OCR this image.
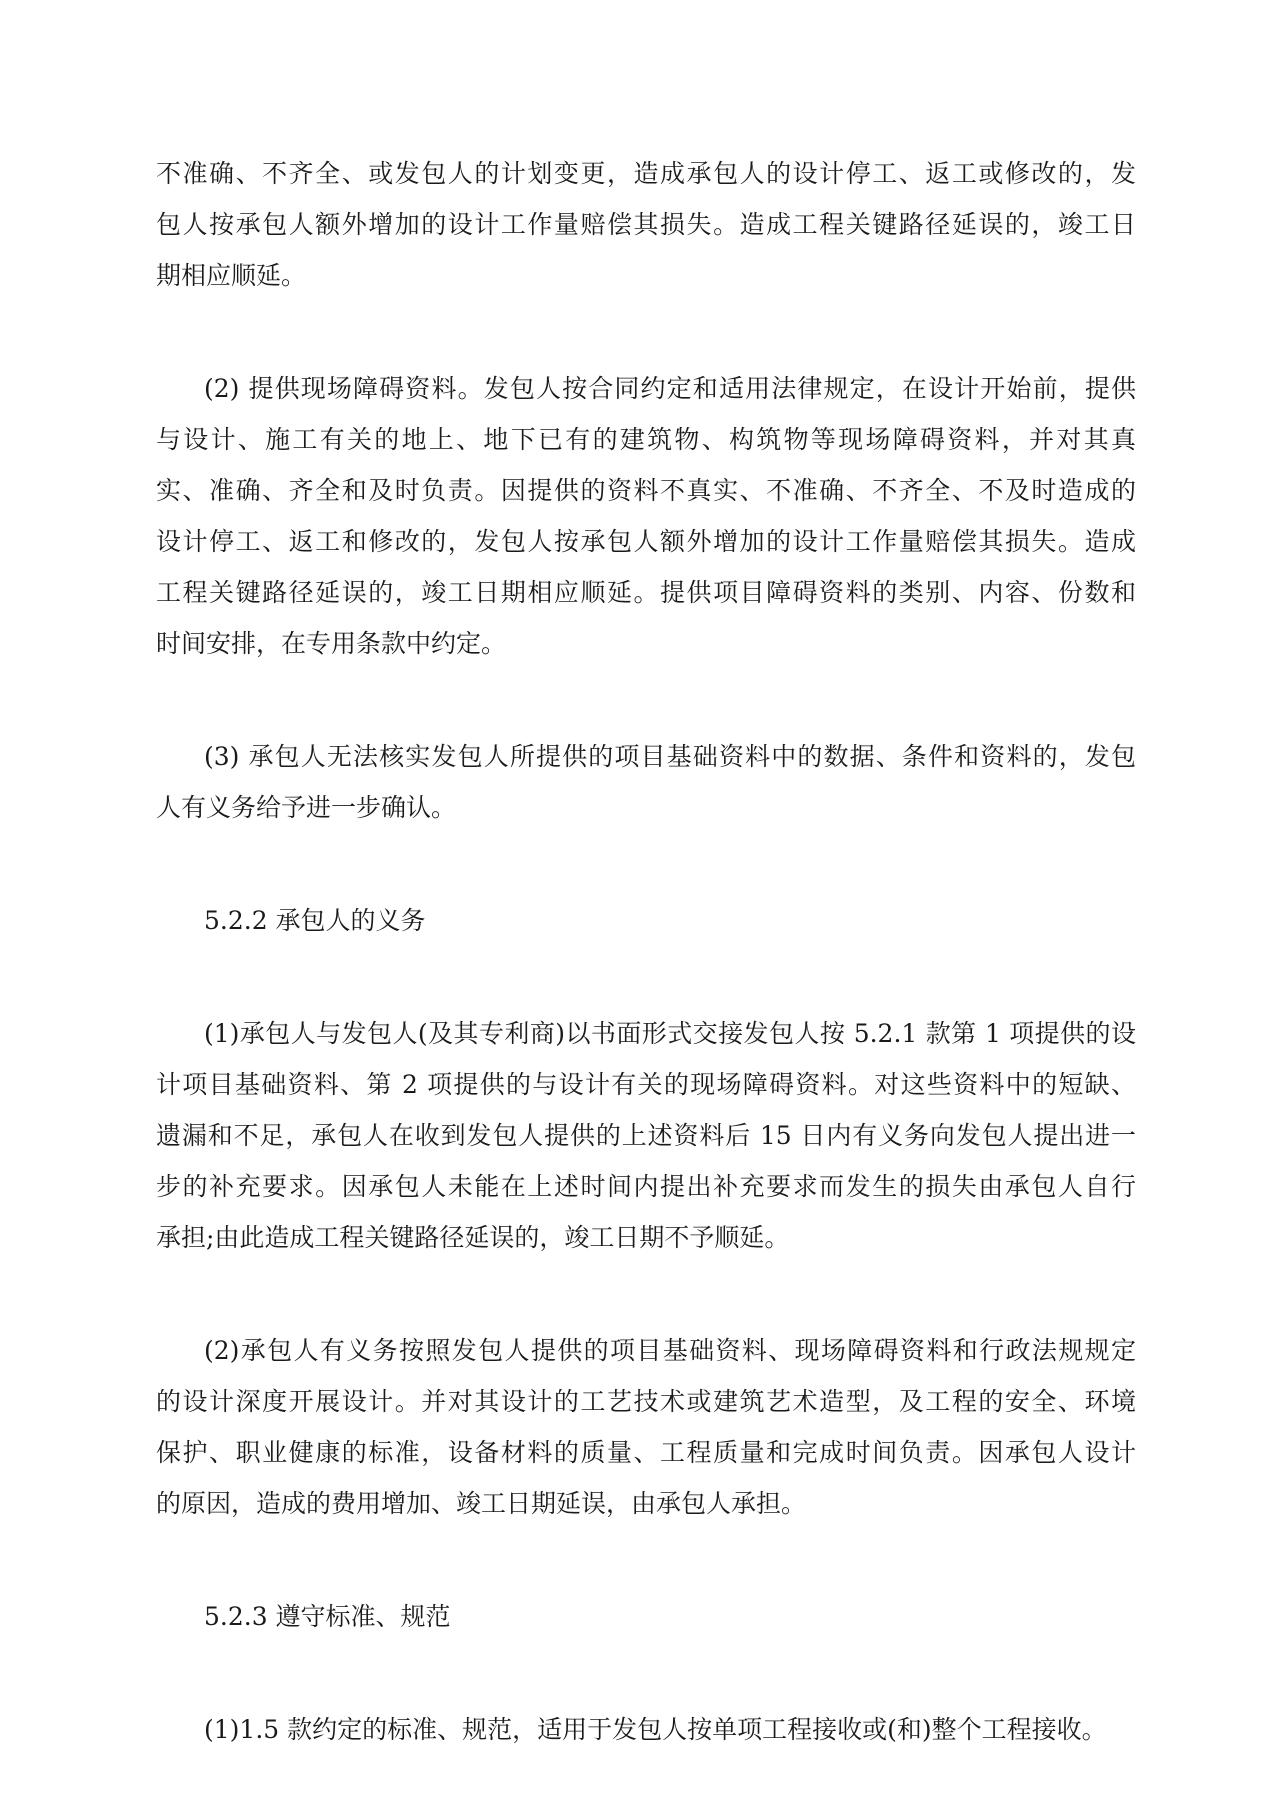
不准确、不齐全、或发包人的计划变更，造成承包人的设计停工、返工或修改的，发
包人按承包人额外增加的设计工作量赔偿其损失。造成工程关键路径延误的，竣工日
期相应顺延。

(2) 提供现场障碍资料。发包人按合同约定和适用法律规定，在设计开始前，提供
与设计、施工有关的地上、地下已有的建筑物、构筑物等现场障碍资料，并对其真
实、准确、齐全和及时负责。因提供的资料不真实、不准确、不齐全、不及时造成的
设计停工、返工和修改的，发包人按承包人额外增加的设计工作量赔偿其损失。造成
工程关键路径延误的，竣工日期相应顺延。提供项目障碍资料的类别、内容、份数和
时间安排，在专用条款中约定。

(3) 承包人无法核实发包人所提供的项目基础资料中的数据、条件和资料的，发包
人有义务给予进一步确认。

5.2.2 承包人的义务

(1)承包人与发包人(及其专利商)以书面形式交接发包人按 5.2.1 款第 1 项提供的设
计项目基础资料、第 2 项提供的与设计有关的现场障碍资料。对这些资料中的短缺、
遗漏和不足，承包人在收到发包人提供的上述资料后 15 日内有义务向发包人提出进一
步的补充要求。因承包人未能在上述时间内提出补充要求而发生的损失由承包人自行
承担;由此造成工程关键路径延误的，竣工日期不予顺延。

(2)承包人有义务按照发包人提供的项目基础资料、现场障碍资料和行政法规规定
的设计深度开展设计。并对其设计的工艺技术或建筑艺术造型，及工程的安全、环境
保护、职业健康的标准，设备材料的质量、工程质量和完成时间负责。因承包人设计
的原因，造成的费用增加、竣工日期延误，由承包人承担。

5.2.3 遵守标准、规范

(1)1.5 款约定的标准、规范，适用于发包人按单项工程接收或(和)整个工程接收。
